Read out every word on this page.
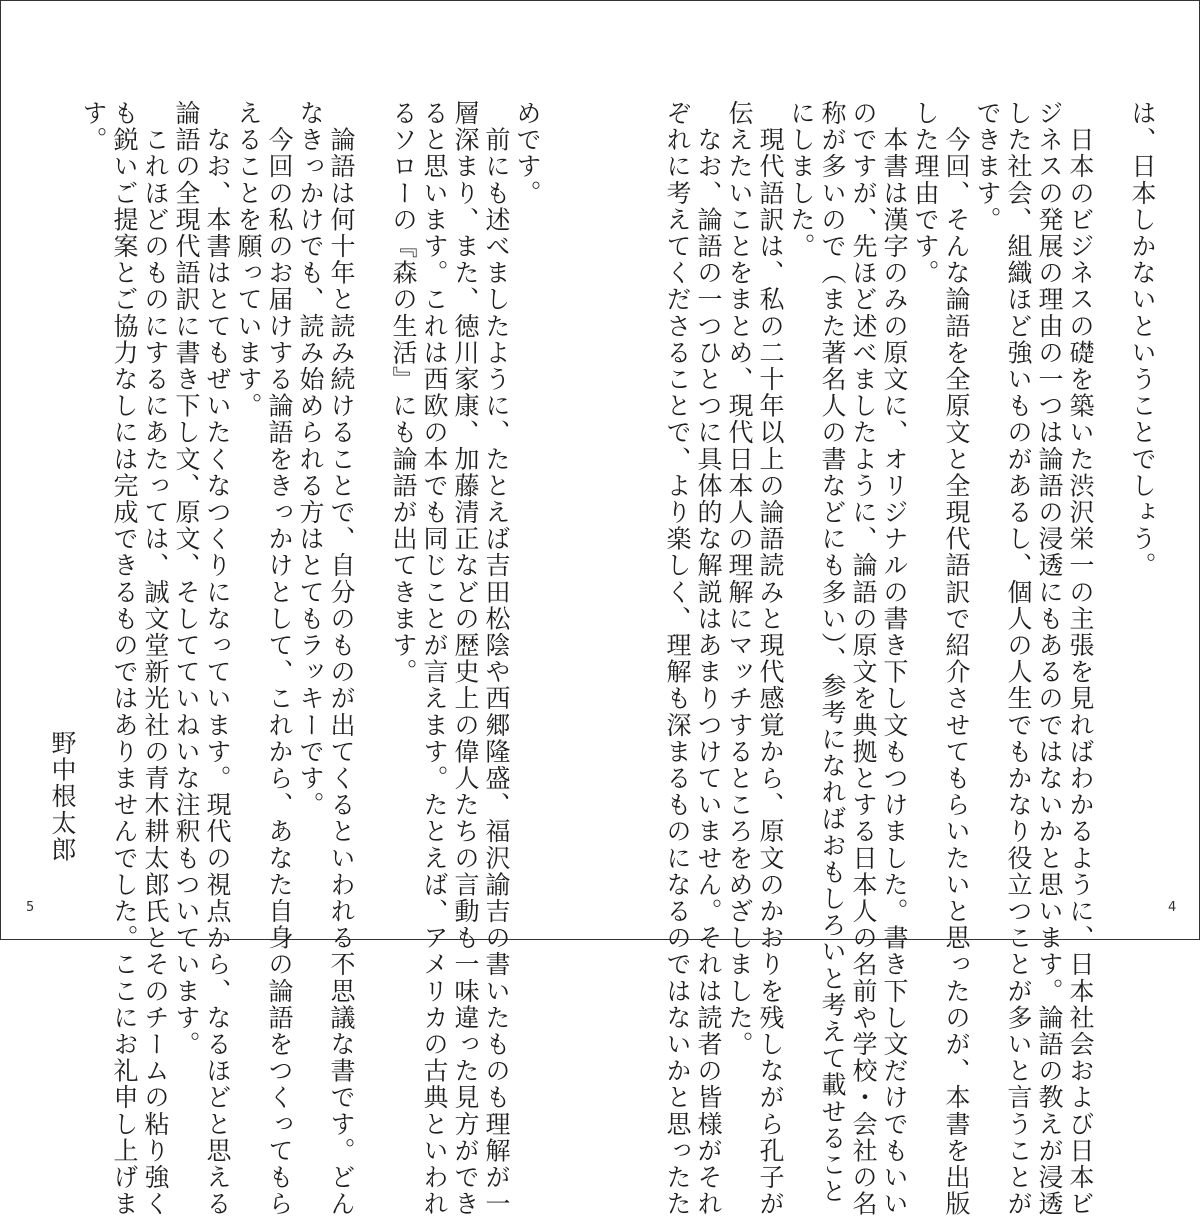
は、日本しかないということでしょう。
　日本のビジネスの礎を築いた渋沢栄一の主張を見ればわかるように、日本社会および日本ビ
ジネスの発展の理由の一つは論語の浸透にもあるのではないかと思います。論語の教えが浸透
した社会、組織ほど強いものがあるし、個人の人生でもかなり役立つことが多いと言うことが
できます。
　今回、そんな論語を全原文と全現代語訳で紹介させてもらいたいと思ったのが、本書を出版
した理由です。
　本書は漢字のみの原文に、オリジナルの書き下し文もつけました。書き下し文だけでもいい
のですが、先ほど述べましたように、論語の原文を典拠とする日本人の名前や学校・会社の名
称が多いので（また著名人の書などにも多い）、参考になればおもしろいと考えて載せること
にしました。
　現代語訳は、私の二十年以上の論語読みと現代感覚から、原文のかおりを残しながら孔子が
伝えたいことをまとめ、現代日本人の理解にマッチするところをめざしました。
　なお、論語の一つひとつに具体的な解説はあまりつけていません。それは読者の皆様がそれ
ぞれに考えてくださることで、より楽しく、理解も深まるものになるのではないかと思ったた
めです。
　前にも述べましたように、たとえば吉田松陰や西郷隆盛、福沢諭吉の書いたものも理解が一
層深まり、また、徳川家康、加藤清正などの歴史上の偉人たちの言動も一味違った見方ができ
ると思います。これは西欧の本でも同じことが言えます。たとえば、アメリカの古典といわれ
るソローの『森の生活』にも論語が出てきます。
　論語は何十年と読み続けることで、自分のものが出てくるといわれる不思議な書です。どん
なきっかけでも、読み始められる方はとてもラッキーです。
　今回の私のお届けする論語をきっかけとして、これから、あなた自身の論語をつくってもら
えることを願っています。
　なお、本書はとてもぜいたくなつくりになっています。現代の視点から、なるほどと思える
論語の全現代語訳に書き下し文、原文、そしてていねいな注釈もついています。
　これほどのものにするにあたっては、誠文堂新光社の青木耕太郎氏とそのチームの粘り強く
も鋭いご提案とご協力なしには完成できるものではありませんでした。ここにお礼申し上げま
す。
野中根太郎
4
5
